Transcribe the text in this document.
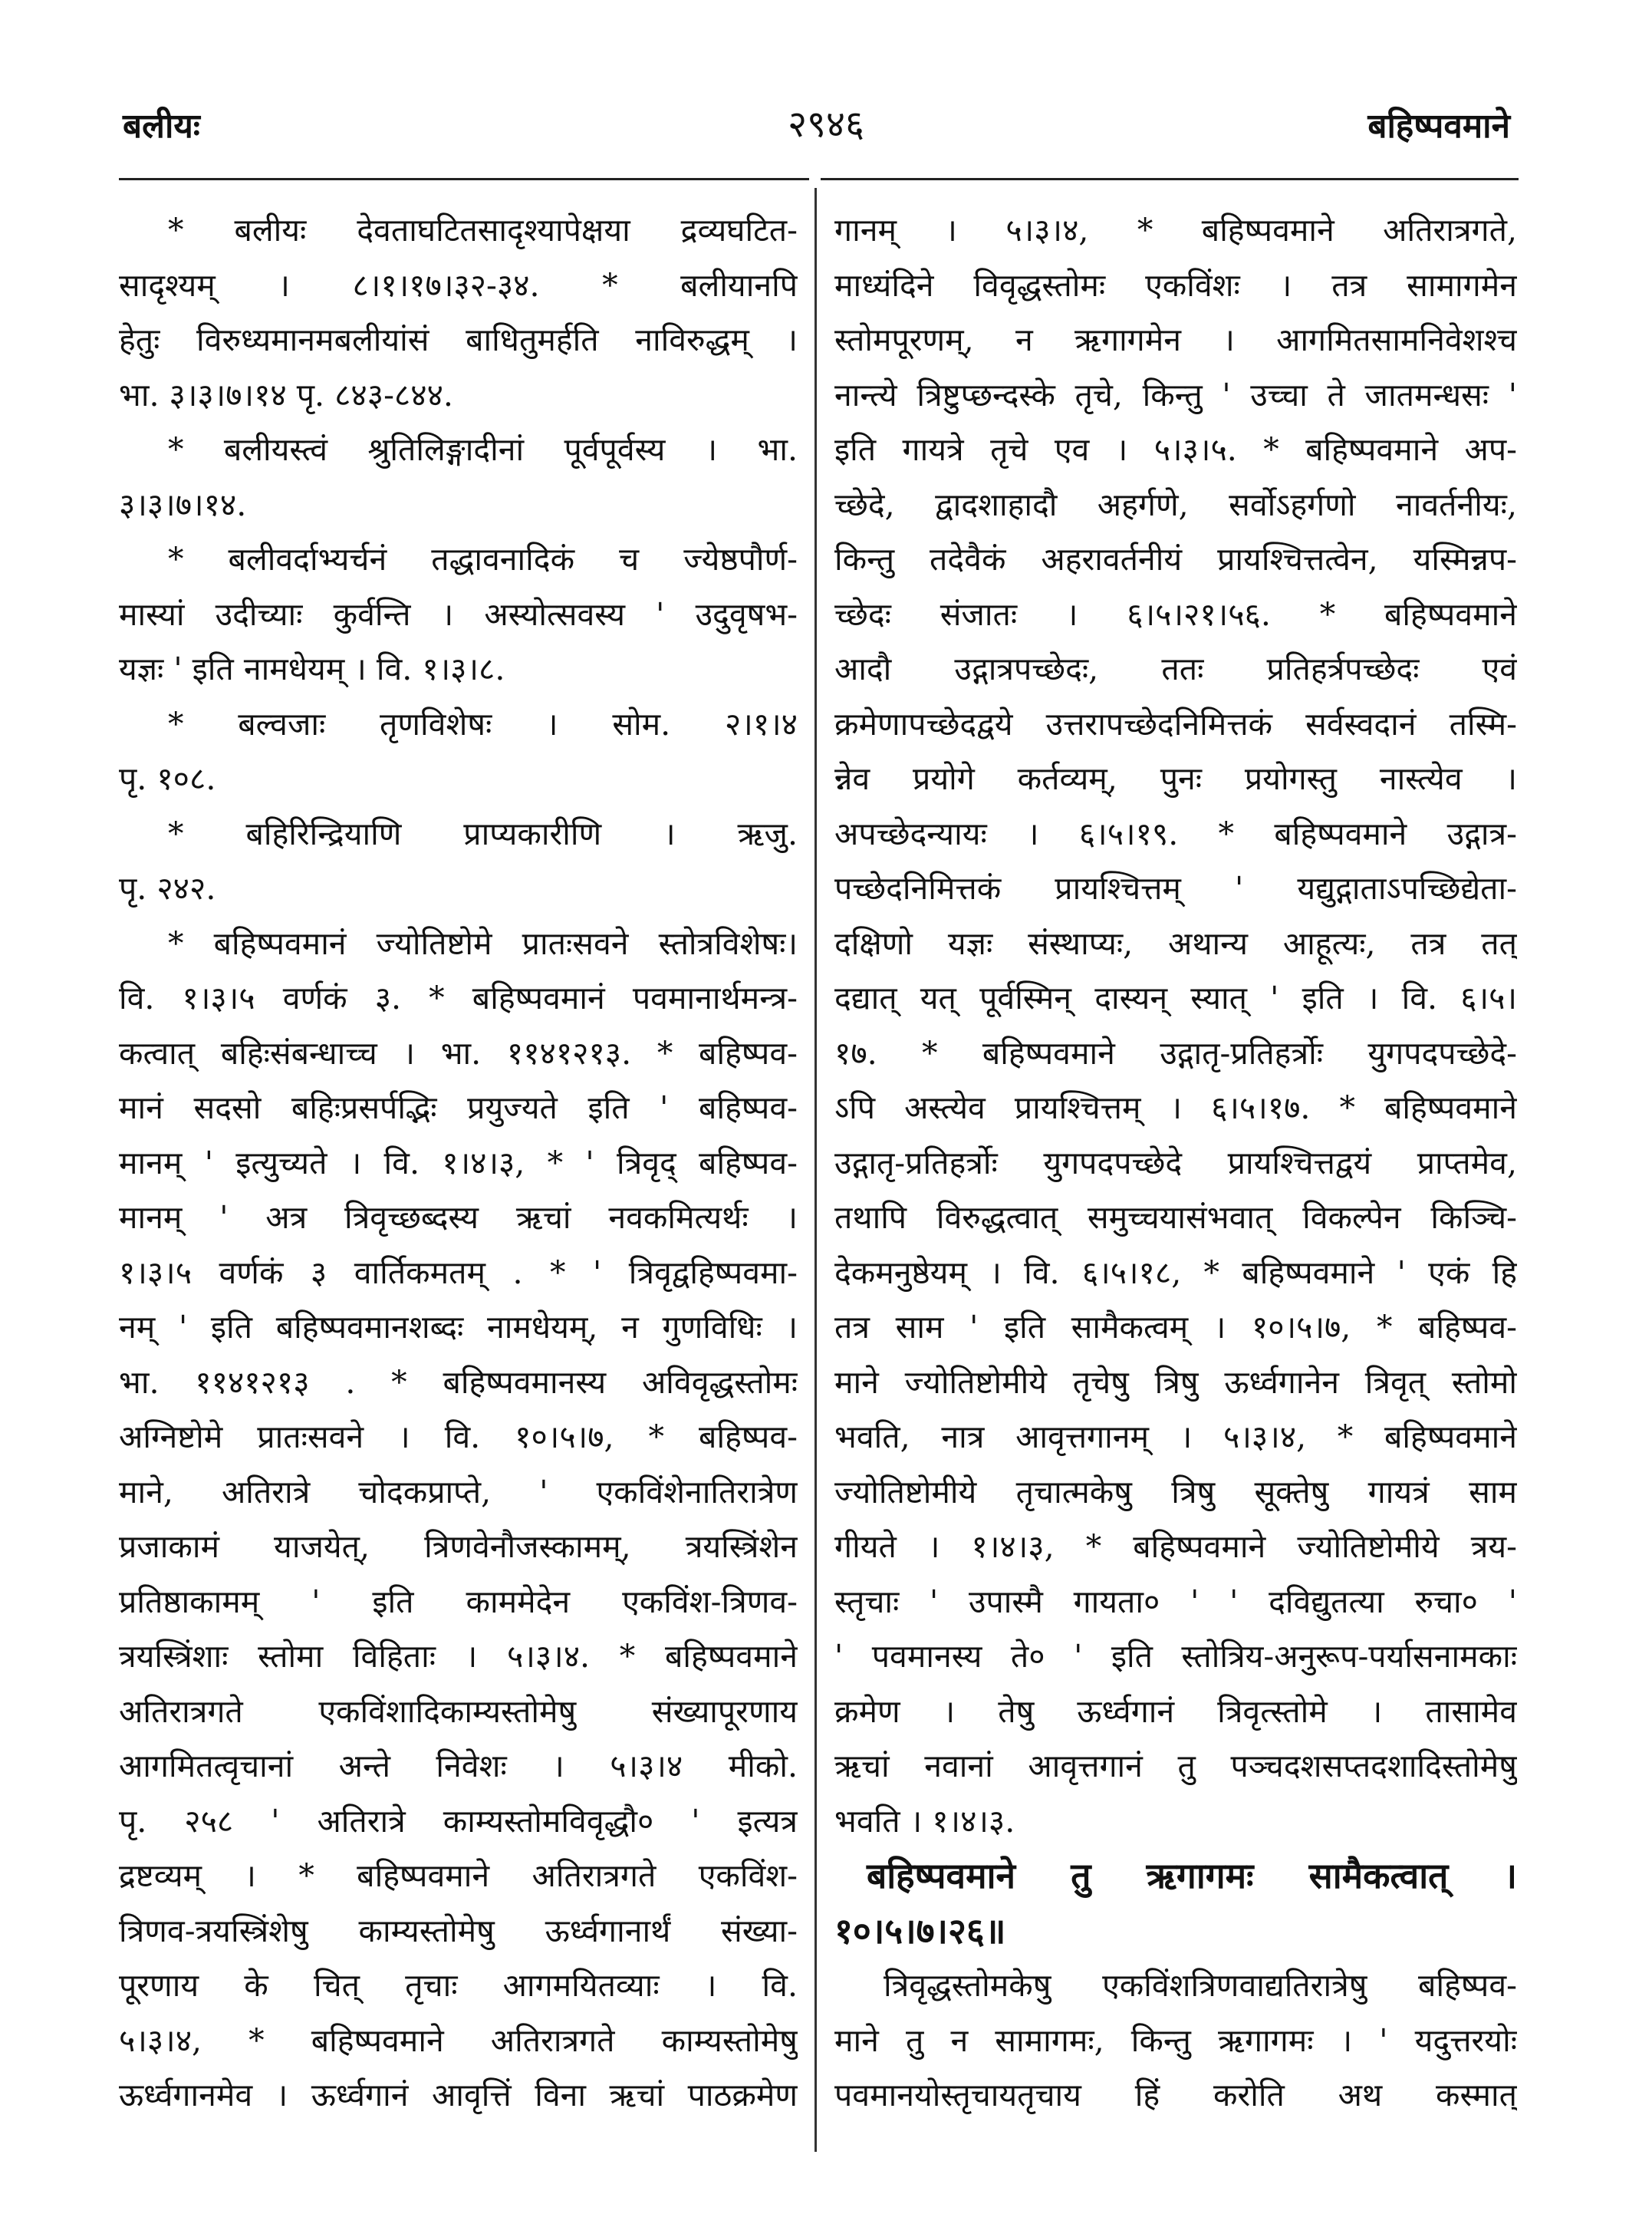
बलीयः	२९४६	बहिष्पवमाने
* बलीयः देवताघटितसादृश्यापेक्षया द्रव्यघटित-
सादृश्यम् । ८।१।१७।३२-३४. * बलीयानपि
हेतुः विरुध्यमानमबलीयांसं बाधितुमर्हति नाविरुद्धम् ।
भा. ३।३।७।१४ पृ. ८४३-८४४.
* बलीयस्त्वं श्रुतिलिङ्गादीनां पूर्वपूर्वस्य । भा.
३।३।७।१४.
* बलीवर्दाभ्यर्चनं तद्धावनादिकं च ज्येष्ठपौर्ण-
मास्यां उदीच्याः कुर्वन्ति । अस्योत्सवस्य ' उदुवृषभ-
यज्ञः ' इति नामधेयम् । वि. १।३।८.
* बल्वजाः तृणविशेषः । सोम. २।१।४
पृ. १०८.
* बहिरिन्द्रियाणि प्राप्यकारीणि । ऋजु.
पृ. २४२.
* बहिष्पवमानं ज्योतिष्टोमे प्रातःसवने स्तोत्रविशेषः।
वि. १।३।५ वर्णकं ३. * बहिष्पवमानं पवमानार्थमन्त्र-
कत्वात् बहिःसंबन्धाच्च । भा. ११४१२१३. * बहिष्पव-
मानं सदसो बहिःप्रसर्पद्भिः प्रयुज्यते इति ' बहिष्पव-
मानम् ' इत्युच्यते । वि. १।४।३, * ' त्रिवृद् बहिष्पव-
मानम् ' अत्र त्रिवृच्छब्दस्य ऋचां नवकमित्यर्थः ।
१।३।५ वर्णकं ३ वार्तिकमतम् . * ' त्रिवृद्वहिष्पवमा-
नम् ' इति बहिष्पवमानशब्दः नामधेयम्, न गुणविधिः ।
भा. ११४१२१३ . * बहिष्पवमानस्य अविवृद्धस्तोमः
अग्निष्टोमे प्रातःसवने । वि. १०।५।७, * बहिष्पव-
माने, अतिरात्रे चोदकप्राप्ते, ' एकविंशेनातिरात्रेण
प्रजाकामं याजयेत्, त्रिणवेनौजस्कामम्, त्रयस्त्रिंशेन
प्रतिष्ठाकामम् ' इति काममेदेन एकविंश-त्रिणव-
त्रयस्त्रिंशाः स्तोमा विहिताः । ५।३।४. * बहिष्पवमाने
अतिरात्रगते एकविंशादिकाम्यस्तोमेषु संख्यापूरणाय
आगमितत्वृचानां अन्ते निवेशः । ५।३।४ मीको.
पृ. २५८ ' अतिरात्रे काम्यस्तोमविवृद्धौ० ' इत्यत्र
द्रष्टव्यम् । * बहिष्पवमाने अतिरात्रगते एकविंश-
त्रिणव-त्रयस्त्रिंशेषु काम्यस्तोमेषु ऊर्ध्वगानार्थं संख्या-
पूरणाय के चित् तृचाः आगमयितव्याः । वि.
५।३।४, * बहिष्पवमाने अतिरात्रगते काम्यस्तोमेषु
ऊर्ध्वगानमेव । ऊर्ध्वगानं आवृत्तिं विना ऋचां पाठक्रमेण
गानम् । ५।३।४, * बहिष्पवमाने अतिरात्रगते,
माध्यंदिने विवृद्धस्तोमः एकविंशः । तत्र सामागमेन
स्तोमपूरणम्, न ऋगागमेन । आगमितसामनिवेशश्च
नान्त्ये त्रिष्टुप्छन्दस्के तृचे, किन्तु ' उच्चा ते जातमन्धसः '
इति गायत्रे तृचे एव । ५।३।५. * बहिष्पवमाने अप-
च्छेदे, द्वादशाहादौ अहर्गणे, सर्वोऽहर्गणो नावर्तनीयः,
किन्तु तदेवैकं अहरावर्तनीयं प्रायश्चित्तत्वेन, यस्मिन्नप-
च्छेदः संजातः । ६।५।२१।५६. * बहिष्पवमाने
आदौ उद्गात्रपच्छेदः, ततः प्रतिहर्त्रपच्छेदः एवं
क्रमेणापच्छेदद्वये उत्तरापच्छेदनिमित्तकं सर्वस्वदानं तस्मि-
न्नेव प्रयोगे कर्तव्यम्, पुनः प्रयोगस्तु नास्त्येव ।
अपच्छेदन्यायः । ६।५।१९. * बहिष्पवमाने उद्गात्र-
पच्छेदनिमित्तकं प्रायश्चित्तम् ' यद्युद्गाताऽपच्छिद्येता-
दक्षिणो यज्ञः संस्थाप्यः, अथान्य आहूत्यः, तत्र तत्
दद्यात् यत् पूर्वस्मिन् दास्यन् स्यात् ' इति । वि. ६।५।
१७. * बहिष्पवमाने उद्गातृ-प्रतिहर्त्रोः युगपदपच्छेदे-
ऽपि अस्त्येव प्रायश्चित्तम् । ६।५।१७. * बहिष्पवमाने
उद्गातृ-प्रतिहर्त्रोः युगपदपच्छेदे प्रायश्चित्तद्वयं प्राप्तमेव,
तथापि विरुद्धत्वात् समुच्चयासंभवात् विकल्पेन किञ्चि-
देकमनुष्ठेयम् । वि. ६।५।१८, * बहिष्पवमाने ' एकं हि
तत्र साम ' इति सामैकत्वम् । १०।५।७, * बहिष्पव-
माने ज्योतिष्टोमीये तृचेषु त्रिषु ऊर्ध्वगानेन त्रिवृत् स्तोमो
भवति, नात्र आवृत्तगानम् । ५।३।४, * बहिष्पवमाने
ज्योतिष्टोमीये तृचात्मकेषु त्रिषु सूक्तेषु गायत्रं साम
गीयते । १।४।३, * बहिष्पवमाने ज्योतिष्टोमीये त्रय-
स्तृचाः ' उपास्मै गायता० ' ' दविद्युतत्या रुचा० '
' पवमानस्य ते० ' इति स्तोत्रिय-अनुरूप-पर्यासनामकाः
क्रमेण । तेषु ऊर्ध्वगानं त्रिवृत्स्तोमे । तासामेव
ऋचां नवानां आवृत्तगानं तु पञ्चदशसप्तदशादिस्तोमेषु
भवति । १।४।३.
बहिष्पवमाने तु ऋगागमः सामैकत्वात् ।
१०।५।७।२६॥
त्रिवृद्धस्तोमकेषु एकविंशत्रिणवाद्यतिरात्रेषु बहिष्पव-
माने तु न सामागमः, किन्तु ऋगागमः । ' यदुत्तरयोः
पवमानयोस्तृचायतृचाय हिं करोति अथ कस्मात्
